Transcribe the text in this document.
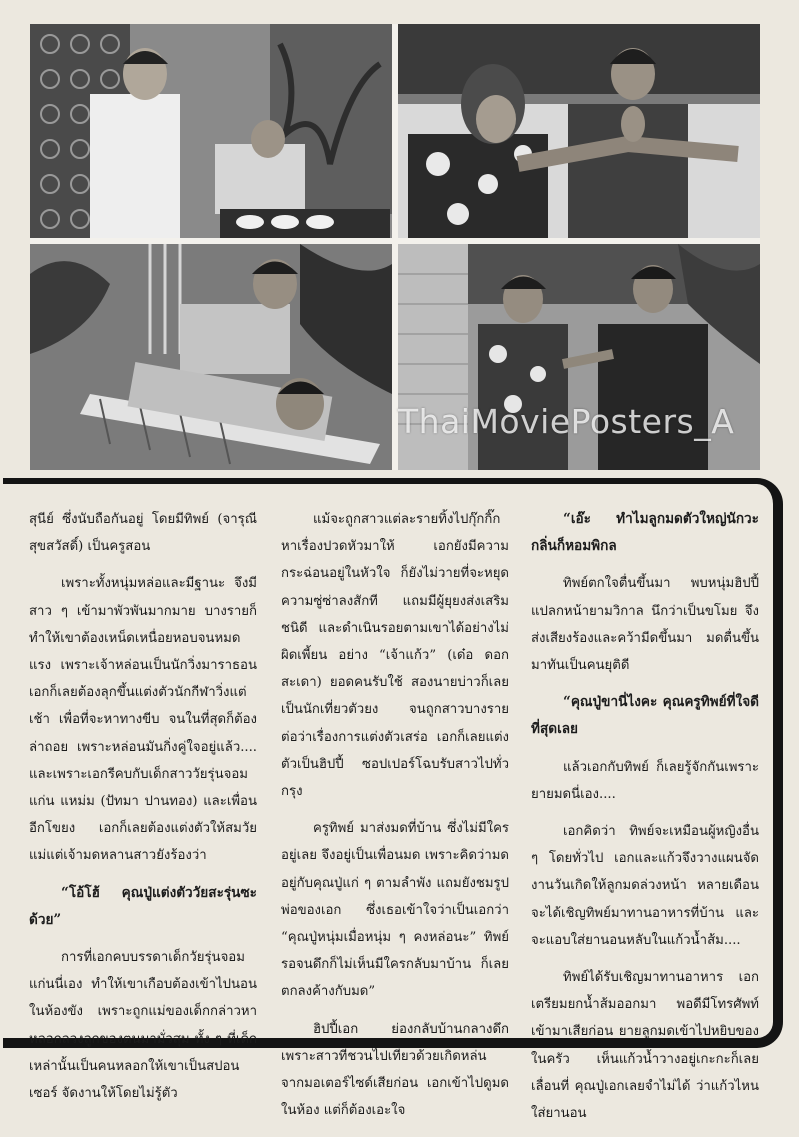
ThaiMoviePosters_A

สุนีย์ ซึ่งนับถือกันอยู่ โดยมีทิพย์ (จารุณี สุขสวัสดิ์) เป็นครูสอน

เพราะทั้งหนุ่มหล่อและมีฐานะ จึงมีสาว ๆ เข้ามาพัวพันมากมาย บางรายก็ทำให้เขาต้องเหน็ดเหนื่อยหอบจนหมดแรง เพราะเจ้าหล่อนเป็นนักวิ่งมาราธอน เอกก็เลยต้องลุกขึ้นแต่งตัวนักกีฬาวิ่งแต่เช้า เพื่อที่จะหาทางขีบ จนในที่สุดก็ต้องล่าถอย เพราะหล่อนมันกิ่งคู่ใจอยู่แล้ว.... และเพราะเอกรีคบกับเด็กสาววัยรุ่นจอมแก่น แหม่ม (ปัทมา ปานทอง) และเพื่อนอีกโขยง เอกก็เลยต้องแต่งตัวให้สมวัย แม่แต่เจ้ามดหลานสาวยังร้องว่า

“โอ้โฮ้ คุณปู่แต่งตัววัยสะรุ่นซะด้วย”

การที่เอกคบบรรดาเด็กวัยรุ่นจอมแก่นนี่เอง ทำให้เขาเกือบต้องเข้าไปนอนในห้องขัง เพราะถูกแม่ของเด็กกล่าวหาหลอกลวงลูกของตนมามั่วสุม ทั้ง ๆ ที่เด็กเหล่านั้นเป็นคนหลอกให้เขาเป็นสปอนเซอร์ จัดงานให้โดยไม่รู้ตัว

แม้จะถูกสาวแต่ละรายทิ้งไปกุ๊กกิ๊กหาเรื่องปวดหัวมาให้ เอกยังมีความกระฉ่อนอยู่ในหัวใจ ก็ยังไม่วายที่จะหยุดความซู่ซ่าลงสักที แถมมีผู้ยุยงส่งเสริมชนิดี และดำเนินรอยตามเขาได้อย่างไม่ผิดเพี้ยน อย่าง “เจ้าแก้ว” (เด๋อ ดอกสะเดา) ยอดคนรับใช้ สองนายบ่าวก็เลยเป็นนักเที่ยวตัวยง จนถูกสาวบางรายต่อว่าเรื่องการแต่งตัวเสร่อ เอกก็เลยแต่งตัวเป็นฮิปปี้ ซอปเปอร์โฉบรับสาวไปทั่วกรุง

ครูทิพย์ มาส่งมดที่บ้าน ซึ่งไม่มีใครอยู่เลย จึงอยู่เป็นเพื่อนมด เพราะคิดว่ามดอยู่กับคุณปู่แก่ ๆ ตามลำพัง แถมยังชมรูปพ่อของเอก ซึ่งเธอเข้าใจว่าเป็นเอกว่า “คุณปู่หนุ่มเมื่อหนุ่ม ๆ คงหล่อนะ” ทิพย์รอจนดึกก็ไม่เห็นมีใครกลับมาบ้าน ก็เลยตกลงค้างกับมด”

ฮิปปี้เอก ย่องกลับบ้านกลางดึก เพราะสาวที่ชวนไปเที่ยวด้วยเกิดหล่นจากมอเตอร์ไซด์เสียก่อน เอกเข้าไปดูมดในห้อง แต่ก็ต้องเอะใจ

“เอ๊ะ ทำไมลูกมดตัวใหญ่นักวะ กลิ่นก็หอมพิกล

ทิพย์ตกใจตื่นขึ้นมา พบหนุ่มฮิปปี้แปลกหน้ายามวิกาล นึกว่าเป็นขโมย จึงส่งเสียงร้องและคว้ามีดขึ้นมา มดตื่นขึ้นมาทันเป็นคนยุติดี

“คุณปู่ขานี่ไงคะ คุณครูทิพย์ที่ใจดีที่สุดเลย

แล้วเอกกับทิพย์ ก็เลยรู้จักกันเพราะยายมดนี่เอง....

เอกคิดว่า ทิพย์จะเหมือนผู้หญิงอื่น ๆ โดยทั่วไป เอกและแก้วจึงวางแผนจัดงานวันเกิดให้ลูกมดล่วงหน้า หลายเดือน จะได้เชิญทิพย์มาทานอาหารที่บ้าน และจะแอบใส่ยานอนหลับในแก้วน้ำส้ม....

ทิพย์ได้รับเชิญมาทานอาหาร เอกเตรียมยกน้ำส้มออกมา พอดีมีโทรศัพท์เข้ามาเสียก่อน ยายลูกมดเข้าไปหยิบของในครัว เห็นแก้วน้ำวางอยู่เกะกะก็เลยเลื่อนที่ คุณปู่เอกเลยจำไม่ได้ ว่าแก้วไหนใส่ยานอน
